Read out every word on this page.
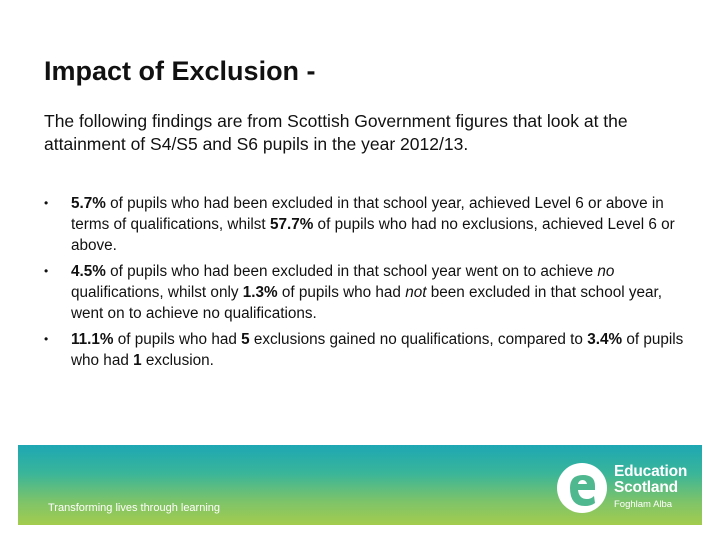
Impact of Exclusion -
The following findings are from Scottish Government figures that look at the attainment of S4/S5 and S6 pupils in the year 2012/13.
• 5.7% of pupils who had been excluded in that school year, achieved Level 6 or above in terms of qualifications, whilst 57.7% of pupils who had no exclusions, achieved Level 6 or above.
• 4.5% of pupils who had been excluded in that school year went on to achieve no qualifications, whilst only 1.3% of pupils who had not been excluded in that school year, went on to achieve no qualifications.
• 11.1% of pupils who had 5 exclusions gained no qualifications, compared to 3.4% of pupils who had 1 exclusion.
Transforming lives through learning
Education
Scotland
Foghlam Alba
